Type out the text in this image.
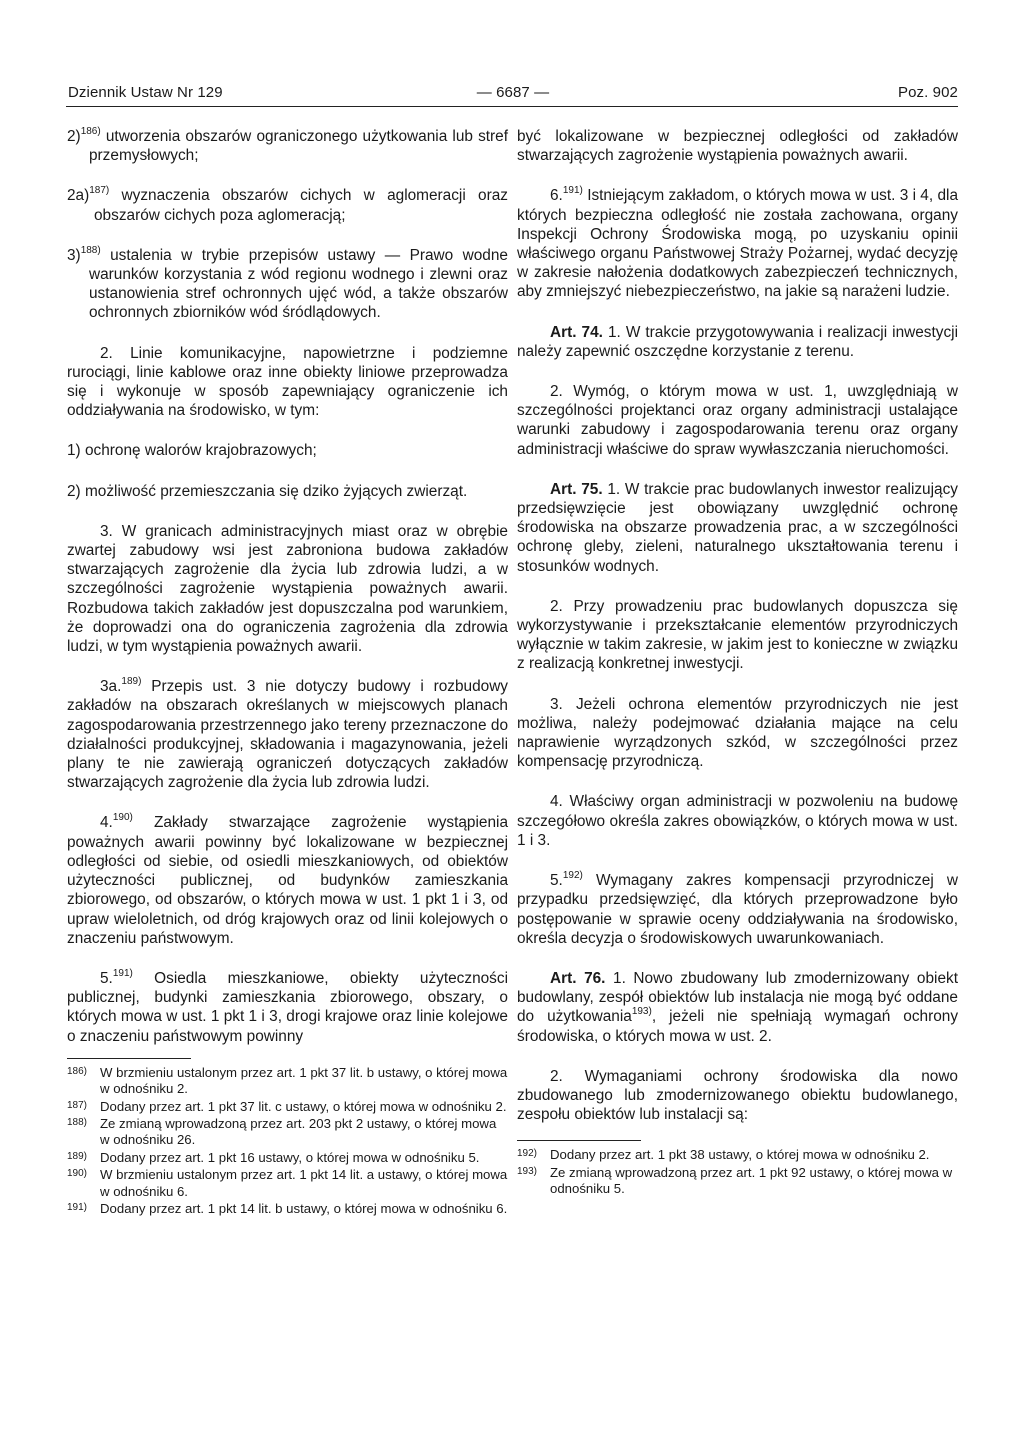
Dziennik Ustaw Nr 129	— 6687 —	Poz. 902

2)$^{186)}$ utworzenia obszarów ograniczonego użytkowania lub stref przemysłowych;

2a)$^{187)}$ wyznaczenia obszarów cichych w aglomeracji oraz obszarów cichych poza aglomeracją;

3)$^{188)}$ ustalenia w trybie przepisów ustawy — Prawo wodne warunków korzystania z wód regionu wodnego i zlewni oraz ustanowienia stref ochronnych ujęć wód, a także obszarów ochronnych zbiorników wód śródlądowych.

2. Linie komunikacyjne, napowietrzne i podziemne rurociągi, linie kablowe oraz inne obiekty liniowe przeprowadza się i wykonuje w sposób zapewniający ograniczenie ich oddziaływania na środowisko, w tym:

1) ochronę walorów krajobrazowych;

2) możliwość przemieszczania się dziko żyjących zwierząt.

3. W granicach administracyjnych miast oraz w obrębie zwartej zabudowy wsi jest zabroniona budowa zakładów stwarzających zagrożenie dla życia lub zdrowia ludzi, a w szczególności zagrożenie wystąpienia poważnych awarii. Rozbudowa takich zakładów jest dopuszczalna pod warunkiem, że doprowadzi ona do ograniczenia zagrożenia dla zdrowia ludzi, w tym wystąpienia poważnych awarii.

3a.$^{189)}$ Przepis ust. 3 nie dotyczy budowy i rozbudowy zakładów na obszarach określanych w miejscowych planach zagospodarowania przestrzennego jako tereny przeznaczone do działalności produkcyjnej, składowania i magazynowania, jeżeli plany te nie zawierają ograniczeń dotyczących zakładów stwarzających zagrożenie dla życia lub zdrowia ludzi.

4.$^{190)}$ Zakłady stwarzające zagrożenie wystąpienia poważnych awarii powinny być lokalizowane w bezpiecznej odległości od siebie, od osiedli mieszkaniowych, od obiektów użyteczności publicznej, od budynków zamieszkania zbiorowego, od obszarów, o których mowa w ust. 1 pkt 1 i 3, od upraw wieloletnich, od dróg krajowych oraz od linii kolejowych o znaczeniu państwowym.

5.$^{191)}$ Osiedla mieszkaniowe, obiekty użyteczności publicznej, budynki zamieszkania zbiorowego, obszary, o których mowa w ust. 1 pkt 1 i 3, drogi krajowe oraz linie kolejowe o znaczeniu państwowym powinny

186) W brzmieniu ustalonym przez art. 1 pkt 37 lit. b ustawy, o której mowa w odnośniku 2.

187) Dodany przez art. 1 pkt 37 lit. c ustawy, o której mowa w odnośniku 2.

188) Ze zmianą wprowadzoną przez art. 203 pkt 2 ustawy, o której mowa w odnośniku 26.

189) Dodany przez art. 1 pkt 16 ustawy, o której mowa w odnośniku 5.

190) W brzmieniu ustalonym przez art. 1 pkt 14 lit. a ustawy, o której mowa w odnośniku 6.

191) Dodany przez art. 1 pkt 14 lit. b ustawy, o której mowa w odnośniku 6.

być lokalizowane w bezpiecznej odległości od zakładów stwarzających zagrożenie wystąpienia poważnych awarii.

6.$^{191)}$ Istniejącym zakładom, o których mowa w ust. 3 i 4, dla których bezpieczna odległość nie została zachowana, organy Inspekcji Ochrony Środowiska mogą, po uzyskaniu opinii właściwego organu Państwowej Straży Pożarnej, wydać decyzję w zakresie nałożenia dodatkowych zabezpieczeń technicznych, aby zmniejszyć niebezpieczeństwo, na jakie są narażeni ludzie.

Art. 74. 1. W trakcie przygotowywania i realizacji inwestycji należy zapewnić oszczędne korzystanie z terenu.

2. Wymóg, o którym mowa w ust. 1, uwzględniają w szczególności projektanci oraz organy administracji ustalające warunki zabudowy i zagospodarowania terenu oraz organy administracji właściwe do spraw wywłaszczania nieruchomości.

Art. 75. 1. W trakcie prac budowlanych inwestor realizujący przedsięwzięcie jest obowiązany uwzględnić ochronę środowiska na obszarze prowadzenia prac, a w szczególności ochronę gleby, zieleni, naturalnego ukształtowania terenu i stosunków wodnych.

2. Przy prowadzeniu prac budowlanych dopuszcza się wykorzystywanie i przekształcanie elementów przyrodniczych wyłącznie w takim zakresie, w jakim jest to konieczne w związku z realizacją konkretnej inwestycji.

3. Jeżeli ochrona elementów przyrodniczych nie jest możliwa, należy podejmować działania mające na celu naprawienie wyrządzonych szkód, w szczególności przez kompensację przyrodniczą.

4. Właściwy organ administracji w pozwoleniu na budowę szczegółowo określa zakres obowiązków, o których mowa w ust. 1 i 3.

5.$^{192)}$ Wymagany zakres kompensacji przyrodniczej w przypadku przedsięwzięć, dla których przeprowadzone było postępowanie w sprawie oceny oddziaływania na środowisko, określa decyzja o środowiskowych uwarunkowaniach.

Art. 76. 1. Nowo zbudowany lub zmodernizowany obiekt budowlany, zespół obiektów lub instalacja nie mogą być oddane do użytkowania$^{193)}$, jeżeli nie spełniają wymagań ochrony środowiska, o których mowa w ust. 2.

2. Wymaganiami ochrony środowiska dla nowo zbudowanego lub zmodernizowanego obiektu budowlanego, zespołu obiektów lub instalacji są:

192) Dodany przez art. 1 pkt 38 ustawy, o której mowa w odnośniku 2.

193) Ze zmianą wprowadzoną przez art. 1 pkt 92 ustawy, o której mowa w odnośniku 5.
